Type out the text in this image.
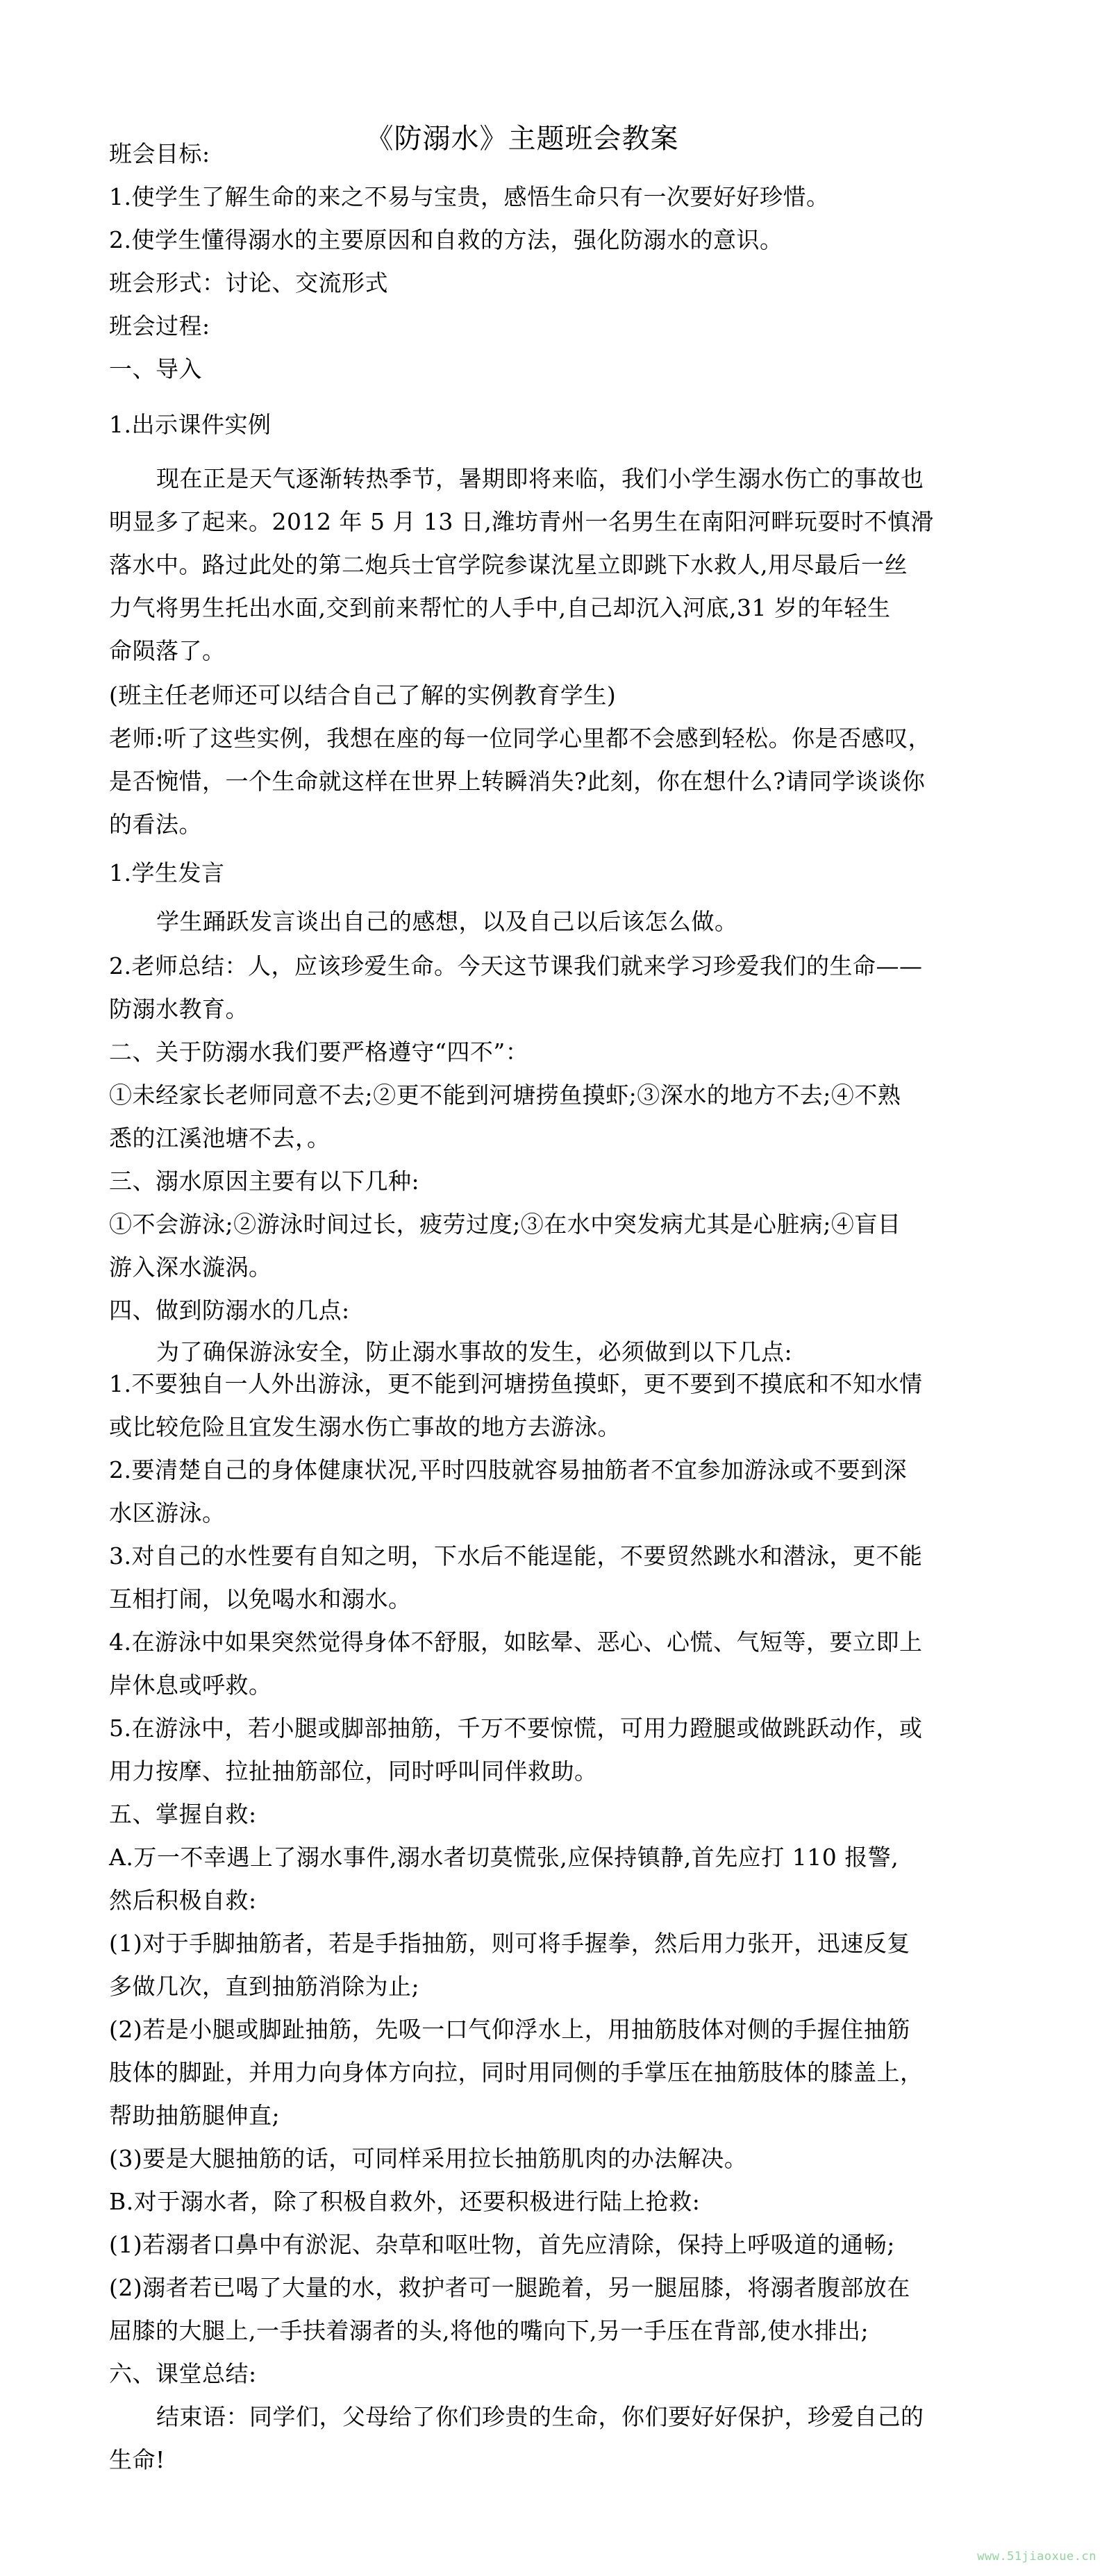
《防溺水》主题班会教案
班会目标:
1.使学生了解生命的来之不易与宝贵，感悟生命只有一次要好好珍惜。
2.使学生懂得溺水的主要原因和自救的方法，强化防溺水的意识。
班会形式：讨论、交流形式
班会过程:
一、导入
1.出示课件实例
现在正是天气逐渐转热季节，暑期即将来临，我们小学生溺水伤亡的事故也
明显多了起来。2012 年 5 月 13 日,潍坊青州一名男生在南阳河畔玩耍时不慎滑
落水中。路过此处的第二炮兵士官学院参谋沈星立即跳下水救人,用尽最后一丝
力气将男生托出水面,交到前来帮忙的人手中,自己却沉入河底,31 岁的年轻生
命陨落了。
(班主任老师还可以结合自己了解的实例教育学生)
老师:听了这些实例，我想在座的每一位同学心里都不会感到轻松。你是否感叹，
是否惋惜，一个生命就这样在世界上转瞬消失?此刻，你在想什么?请同学谈谈你
的看法。
1.学生发言
学生踊跃发言谈出自己的感想，以及自己以后该怎么做。
2.老师总结：人，应该珍爱生命。今天这节课我们就来学习珍爱我们的生命——
防溺水教育。
二、关于防溺水我们要严格遵守“四不”：
①未经家长老师同意不去;②更不能到河塘捞鱼摸虾;③深水的地方不去;④不熟
悉的江溪池塘不去，。
三、溺水原因主要有以下几种:
①不会游泳;②游泳时间过长，疲劳过度;③在水中突发病尤其是心脏病;④盲目
游入深水漩涡。
四、做到防溺水的几点:
为了确保游泳安全，防止溺水事故的发生，必须做到以下几点:
1.不要独自一人外出游泳，更不能到河塘捞鱼摸虾，更不要到不摸底和不知水情
或比较危险且宜发生溺水伤亡事故的地方去游泳。
2.要清楚自己的身体健康状况,平时四肢就容易抽筋者不宜参加游泳或不要到深
水区游泳。
3.对自己的水性要有自知之明，下水后不能逞能，不要贸然跳水和潜泳，更不能
互相打闹，以免喝水和溺水。
4.在游泳中如果突然觉得身体不舒服，如眩晕、恶心、心慌、气短等，要立即上
岸休息或呼救。
5.在游泳中，若小腿或脚部抽筋，千万不要惊慌，可用力蹬腿或做跳跃动作，或
用力按摩、拉扯抽筋部位，同时呼叫同伴救助。
五、掌握自救:
A.万一不幸遇上了溺水事件,溺水者切莫慌张,应保持镇静,首先应打 110 报警,
然后积极自救:
(1)对于手脚抽筋者，若是手指抽筋，则可将手握拳，然后用力张开，迅速反复
多做几次，直到抽筋消除为止;
(2)若是小腿或脚趾抽筋，先吸一口气仰浮水上，用抽筋肢体对侧的手握住抽筋
肢体的脚趾，并用力向身体方向拉，同时用同侧的手掌压在抽筋肢体的膝盖上，
帮助抽筋腿伸直;
(3)要是大腿抽筋的话，可同样采用拉长抽筋肌肉的办法解决。
B.对于溺水者，除了积极自救外，还要积极进行陆上抢救:
(1)若溺者口鼻中有淤泥、杂草和呕吐物，首先应清除，保持上呼吸道的通畅;
(2)溺者若已喝了大量的水，救护者可一腿跪着，另一腿屈膝，将溺者腹部放在
屈膝的大腿上,一手扶着溺者的头,将他的嘴向下,另一手压在背部,使水排出;
六、课堂总结:
结束语：同学们，父母给了你们珍贵的生命，你们要好好保护，珍爱自己的
生命!
www.51jiaoxue.cn
